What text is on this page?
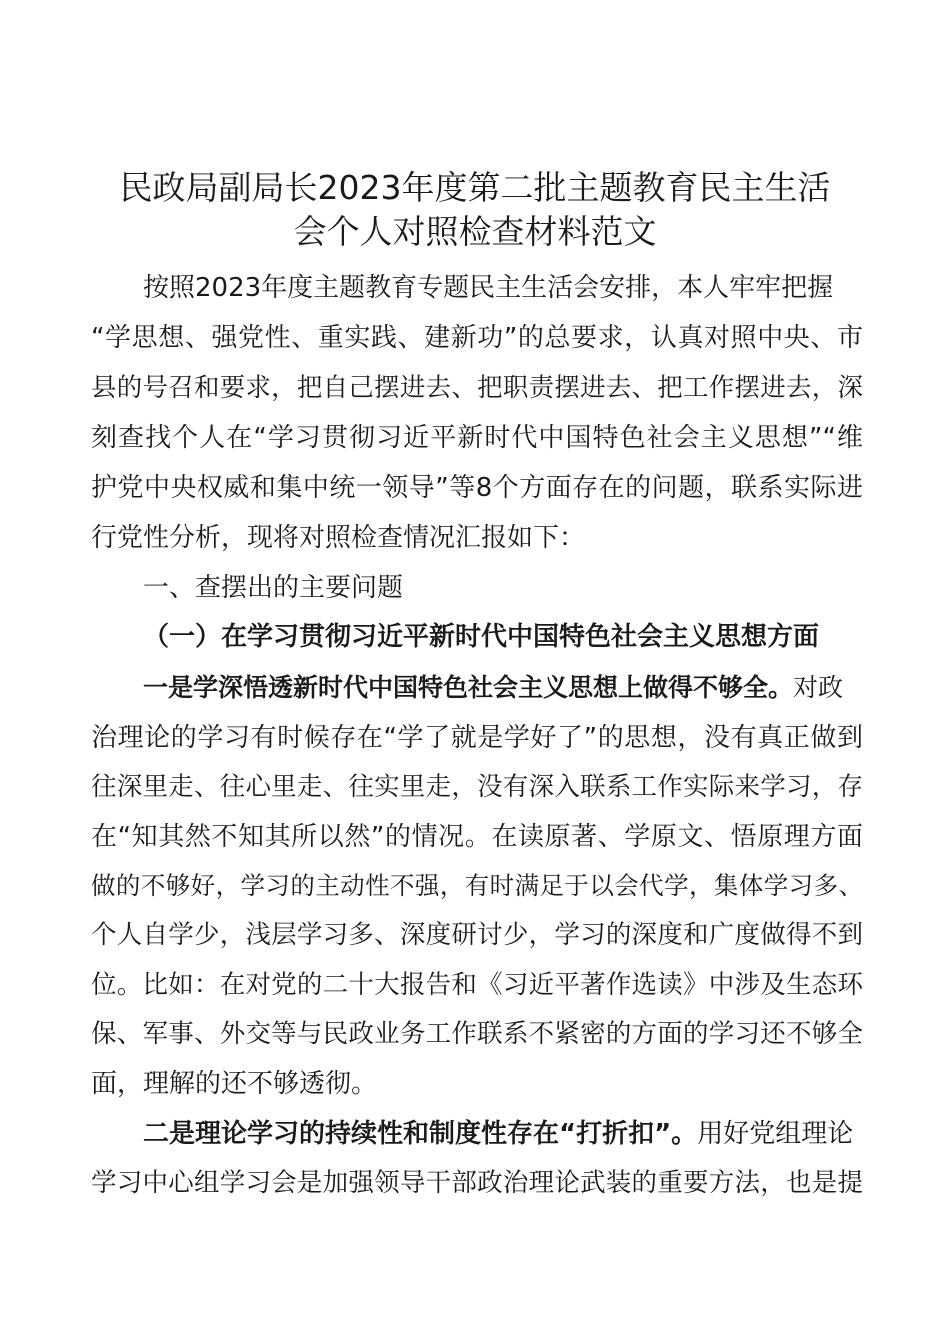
民政局副局长2023年度第二批主题教育民主生活
会个人对照检查材料范文
按照2023年度主题教育专题民主生活会安排，本人牢牢把握
“学思想、强党性、重实践、建新功”的总要求，认真对照中央、市
县的号召和要求，把自己摆进去、把职责摆进去、把工作摆进去，深
刻查找个人在“学习贯彻习近平新时代中国特色社会主义思想”“维
护党中央权威和集中统一领导”等8个方面存在的问题，联系实际进
行党性分析，现将对照检查情况汇报如下：
一、查摆出的主要问题
（一）在学习贯彻习近平新时代中国特色社会主义思想方面
一是学深悟透新时代中国特色社会主义思想上做得不够全。对政
治理论的学习有时候存在“学了就是学好了”的思想，没有真正做到
往深里走、往心里走、往实里走，没有深入联系工作实际来学习，存
在“知其然不知其所以然”的情况。在读原著、学原文、悟原理方面
做的不够好，学习的主动性不强，有时满足于以会代学，集体学习多、
个人自学少，浅层学习多、深度研讨少，学习的深度和广度做得不到
位。比如：在对党的二十大报告和《习近平著作选读》中涉及生态环
保、军事、外交等与民政业务工作联系不紧密的方面的学习还不够全
面，理解的还不够透彻。
二是理论学习的持续性和制度性存在“打折扣”。用好党组理论
学习中心组学习会是加强领导干部政治理论武装的重要方法，也是提
